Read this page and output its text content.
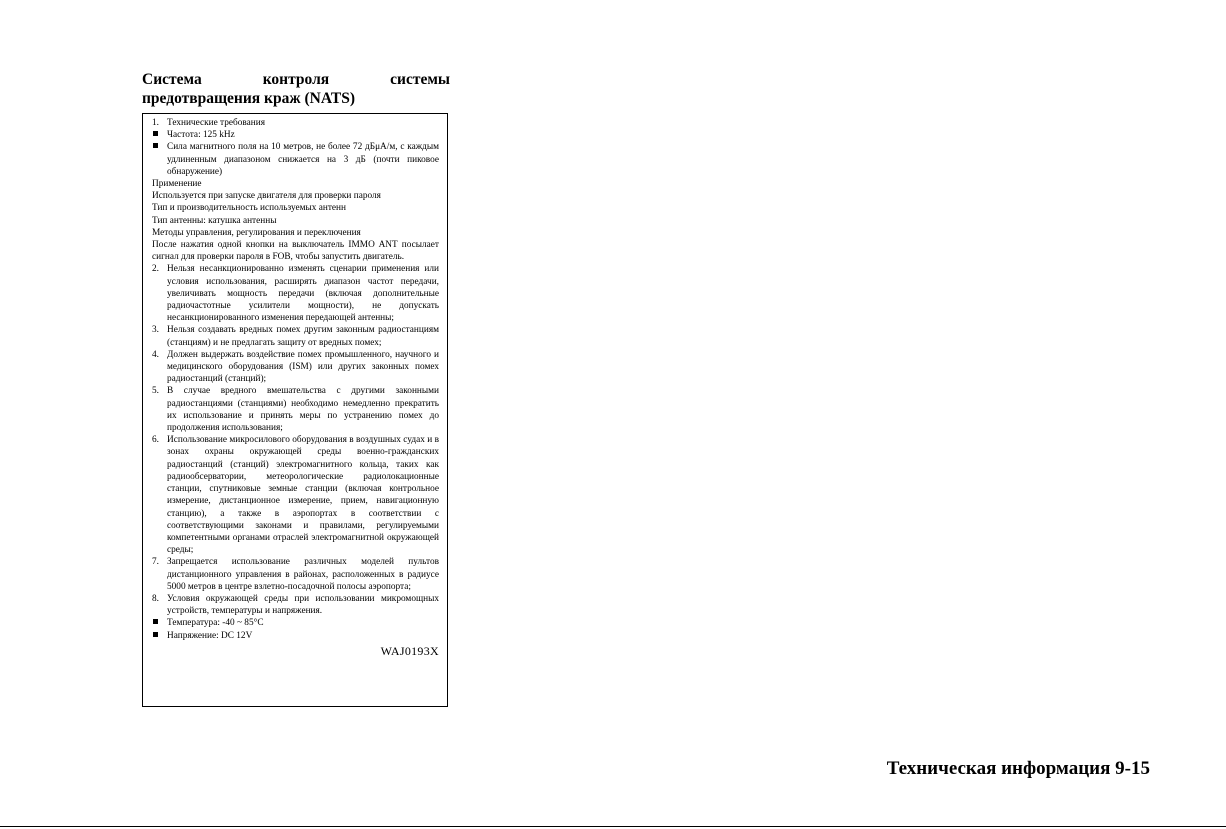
Система	контроля	системы
предотвращения краж (NATS)
1. Технические требования
Частота: 125 kHz
Сила магнитного поля на 10 метров, не более 72 дБμА/м, с каждым удлиненным диапазоном снижается на 3 дБ (почти пиковое обнаружение)
Применение
Используется при запуске двигателя для проверки пароля
Тип и производительность используемых антенн
Тип антенны: катушка антенны
Методы управления, регулирования и переключения
После нажатия одной кнопки на выключатель IMMO ANT посылает сигнал для проверки пароля в FOB, чтобы запустить двигатель.
2. Нельзя несанкционированно изменять сценарии применения или условия использования, расширять диапазон частот передачи, увеличивать мощность передачи (включая дополнительные радиочастотные усилители мощности), не допускать несанкционированного изменения передающей антенны;
3. Нельзя создавать вредных помех другим законным радиостанциям (станциям) и не предлагать защиту от вредных помех;
4. Должен выдержать воздействие помех промышленного, научного и медицинского оборудования (ISM) или других законных помех радиостанций (станций);
5. В случае вредного вмешательства с другими законными радиостанциями (станциями) необходимо немедленно прекратить их использование и принять меры по устранению помех до продолжения использования;
6. Использование микросилового оборудования в воздушных судах и в зонах охраны окружающей среды военно-гражданских радиостанций (станций) электромагнитного кольца, таких как радиообсерватории, метеорологические радиолокационные станции, спутниковые земные станции (включая контрольное измерение, дистанционное измерение, прием, навигационную станцию), а также в аэропортах в соответствии с соответствующими законами и правилами, регулируемыми компетентными органами отраслей электромагнитной окружающей среды;
7. Запрещается использование различных моделей пультов дистанционного управления в районах, расположенных в радиусе 5000 метров в центре взлетно-посадочной полосы аэропорта;
8. Условия окружающей среды при использовании микромощных устройств, температуры и напряжения.
Температура: -40 ~ 85°C
Напряжение: DC 12V
WAJ0193X
Техническая информация 9-15
